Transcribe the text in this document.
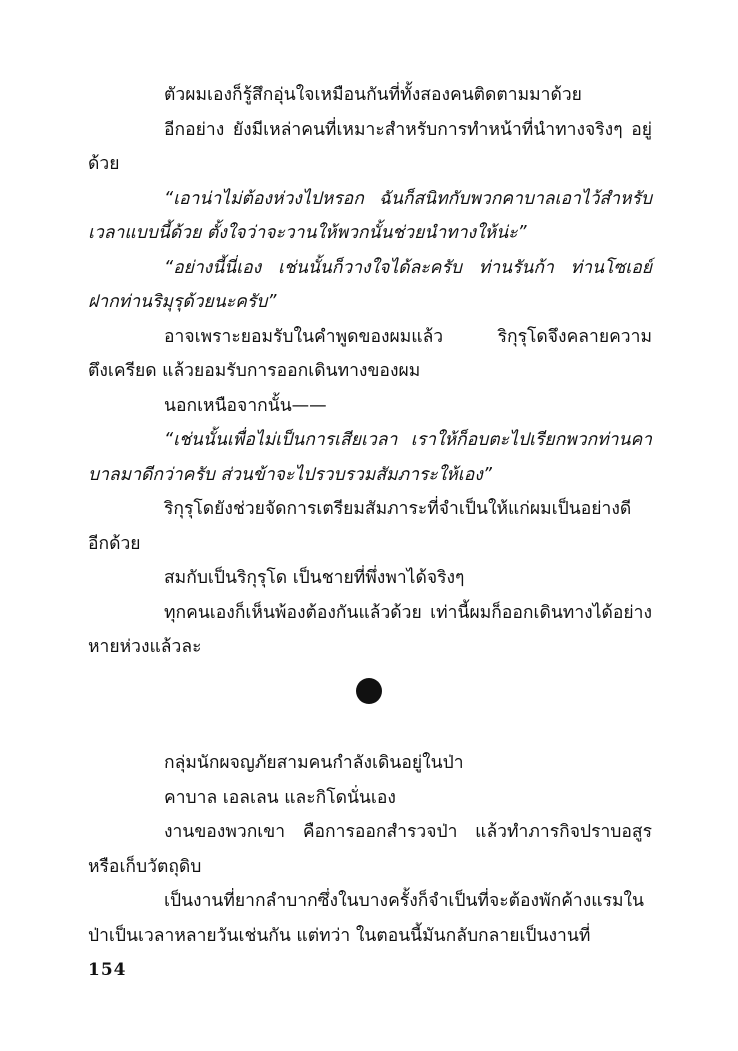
ตัวผมเองก็รู้สึกอุ่นใจเหมือนกันที่ทั้งสองคนติดตามมาด้วย

อีกอย่าง ยังมีเหล่าคนที่เหมาะสำหรับการทำหน้าที่นำทางจริงๆ อยู่ด้วย

“เอาน่าไม่ต้องห่วงไปหรอก ฉันก็สนิทกับพวกคาบาลเอาไว้สำหรับเวลาแบบนี้ด้วย ตั้งใจว่าจะวานให้พวกนั้นช่วยนำทางให้น่ะ”

“อย่างนี้นี่เอง เช่นนั้นก็วางใจได้ละครับ ท่านรันก้า ท่านโซเอย์ ฝากท่านริมุรุด้วยนะครับ”

อาจเพราะยอมรับในคำพูดของผมแล้ว ริกุรุโดจึงคลายความตึงเครียด แล้วยอมรับการออกเดินทางของผม

นอกเหนือจากนั้น——

“เช่นนั้นเพื่อไม่เป็นการเสียเวลา เราให้ก็อบตะไปเรียกพวกท่านคาบาลมาดีกว่าครับ ส่วนข้าจะไปรวบรวมสัมภาระให้เอง”

ริกุรุโดยังช่วยจัดการเตรียมสัมภาระที่จำเป็นให้แก่ผมเป็นอย่างดีอีกด้วย

สมกับเป็นริกุรุโด เป็นชายที่พึ่งพาได้จริงๆ

ทุกคนเองก็เห็นพ้องต้องกันแล้วด้วย เท่านี้ผมก็ออกเดินทางได้อย่างหายห่วงแล้วละ

กลุ่มนักผจญภัยสามคนกำลังเดินอยู่ในป่า

คาบาล เอลเลน และกิโดนั่นเอง

งานของพวกเขา คือการออกสำรวจป่า แล้วทำภารกิจปราบอสูรหรือเก็บวัตถุดิบ

เป็นงานที่ยากลำบากซึ่งในบางครั้งก็จำเป็นที่จะต้องพักค้างแรมในป่าเป็นเวลาหลายวันเช่นกัน แต่ทว่า ในตอนนี้มันกลับกลายเป็นงานที่

154
